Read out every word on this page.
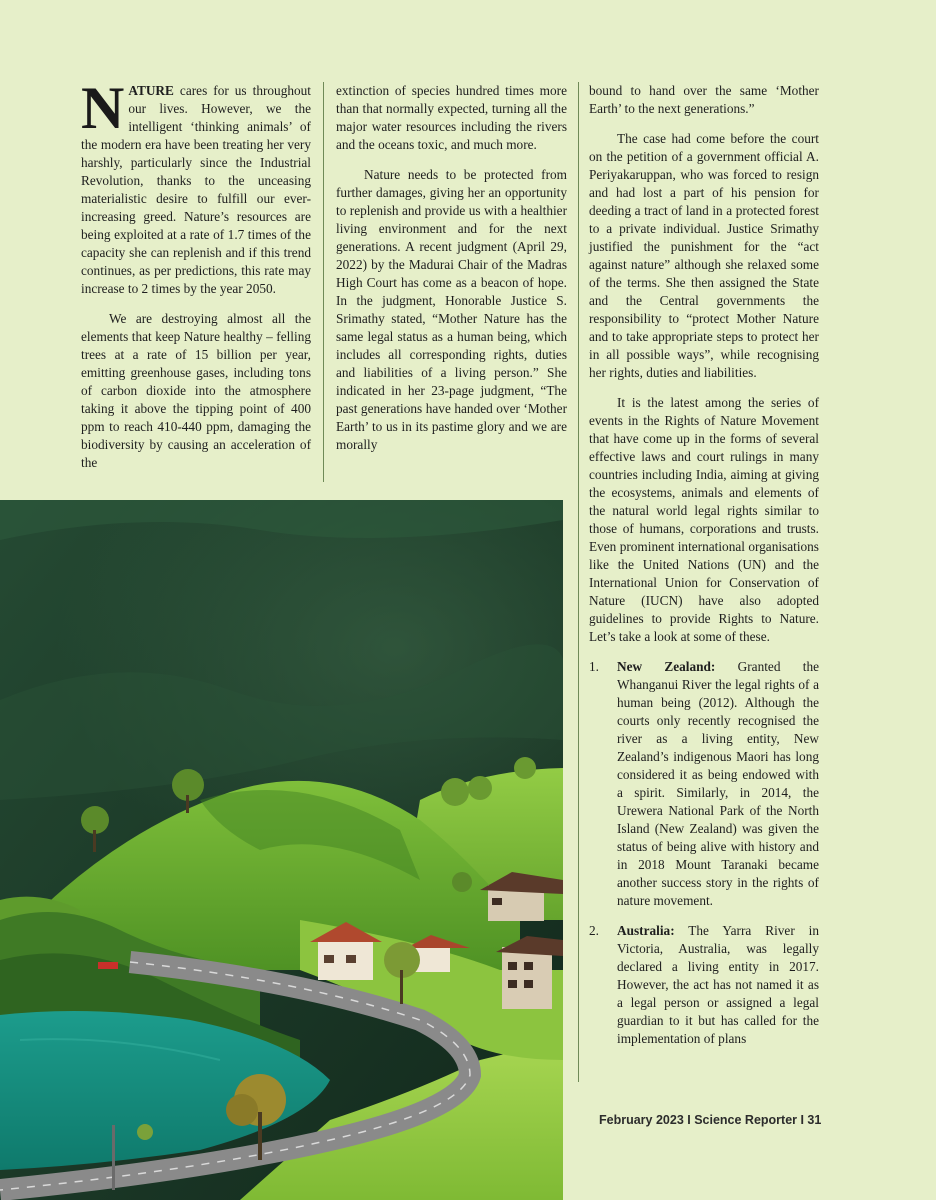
NATURE cares for us throughout our lives. However, we the intelligent ‘thinking animals’ of the modern era have been treating her very harshly, particularly since the Industrial Revolution, thanks to the unceasing materialistic desire to fulfill our ever-increasing greed. Nature’s resources are being exploited at a rate of 1.7 times of the capacity she can replenish and if this trend continues, as per predictions, this rate may increase to 2 times by the year 2050.

We are destroying almost all the elements that keep Nature healthy – felling trees at a rate of 15 billion per year, emitting greenhouse gases, including tons of carbon dioxide into the atmosphere taking it above the tipping point of 400 ppm to reach 410-440 ppm, damaging the biodiversity by causing an acceleration of the

extinction of species hundred times more than that normally expected, turning all the major water resources including the rivers and the oceans toxic, and much more.

Nature needs to be protected from further damages, giving her an opportunity to replenish and provide us with a healthier living environment and for the next generations. A recent judgment (April 29, 2022) by the Madurai Chair of the Madras High Court has come as a beacon of hope. In the judgment, Honorable Justice S. Srimathy stated, “Mother Nature has the same legal status as a human being, which includes all corresponding rights, duties and liabilities of a living person.” She indicated in her 23-page judgment, “The past generations have handed over ‘Mother Earth’ to us in its pastime glory and we are morally

bound to hand over the same ‘Mother Earth’ to the next generations.”

The case had come before the court on the petition of a government official A. Periyakaruppan, who was forced to resign and had lost a part of his pension for deeding a tract of land in a protected forest to a private individual. Justice Srimathy justified the punishment for the “act against nature” although she relaxed some of the terms. She then assigned the State and the Central governments the responsibility to “protect Mother Nature and to take appropriate steps to protect her in all possible ways”, while recognising her rights, duties and liabilities.

It is the latest among the series of events in the Rights of Nature Movement that have come up in the forms of several effective laws and court rulings in many countries including India, aiming at giving the ecosystems, animals and elements of the natural world legal rights similar to those of humans, corporations and trusts. Even prominent international organisations like the United Nations (UN) and the International Union for Conservation of Nature (IUCN) have also adopted guidelines to provide Rights to Nature. Let’s take a look at some of these.

1. New Zealand: Granted the Whanganui River the legal rights of a human being (2012). Although the courts only recently recognised the river as a living entity, New Zealand’s indigenous Maori has long considered it as being endowed with a spirit. Similarly, in 2014, the Urewera National Park of the North Island (New Zealand) was given the status of being alive with history and in 2018 Mount Taranaki became another success story in the rights of nature movement.
2. Australia: The Yarra River in Victoria, Australia, was legally declared a living entity in 2017. However, the act has not named it as a legal person or assigned a legal guardian to it but has called for the implementation of plans
February 2023 I Science Reporter I 31
